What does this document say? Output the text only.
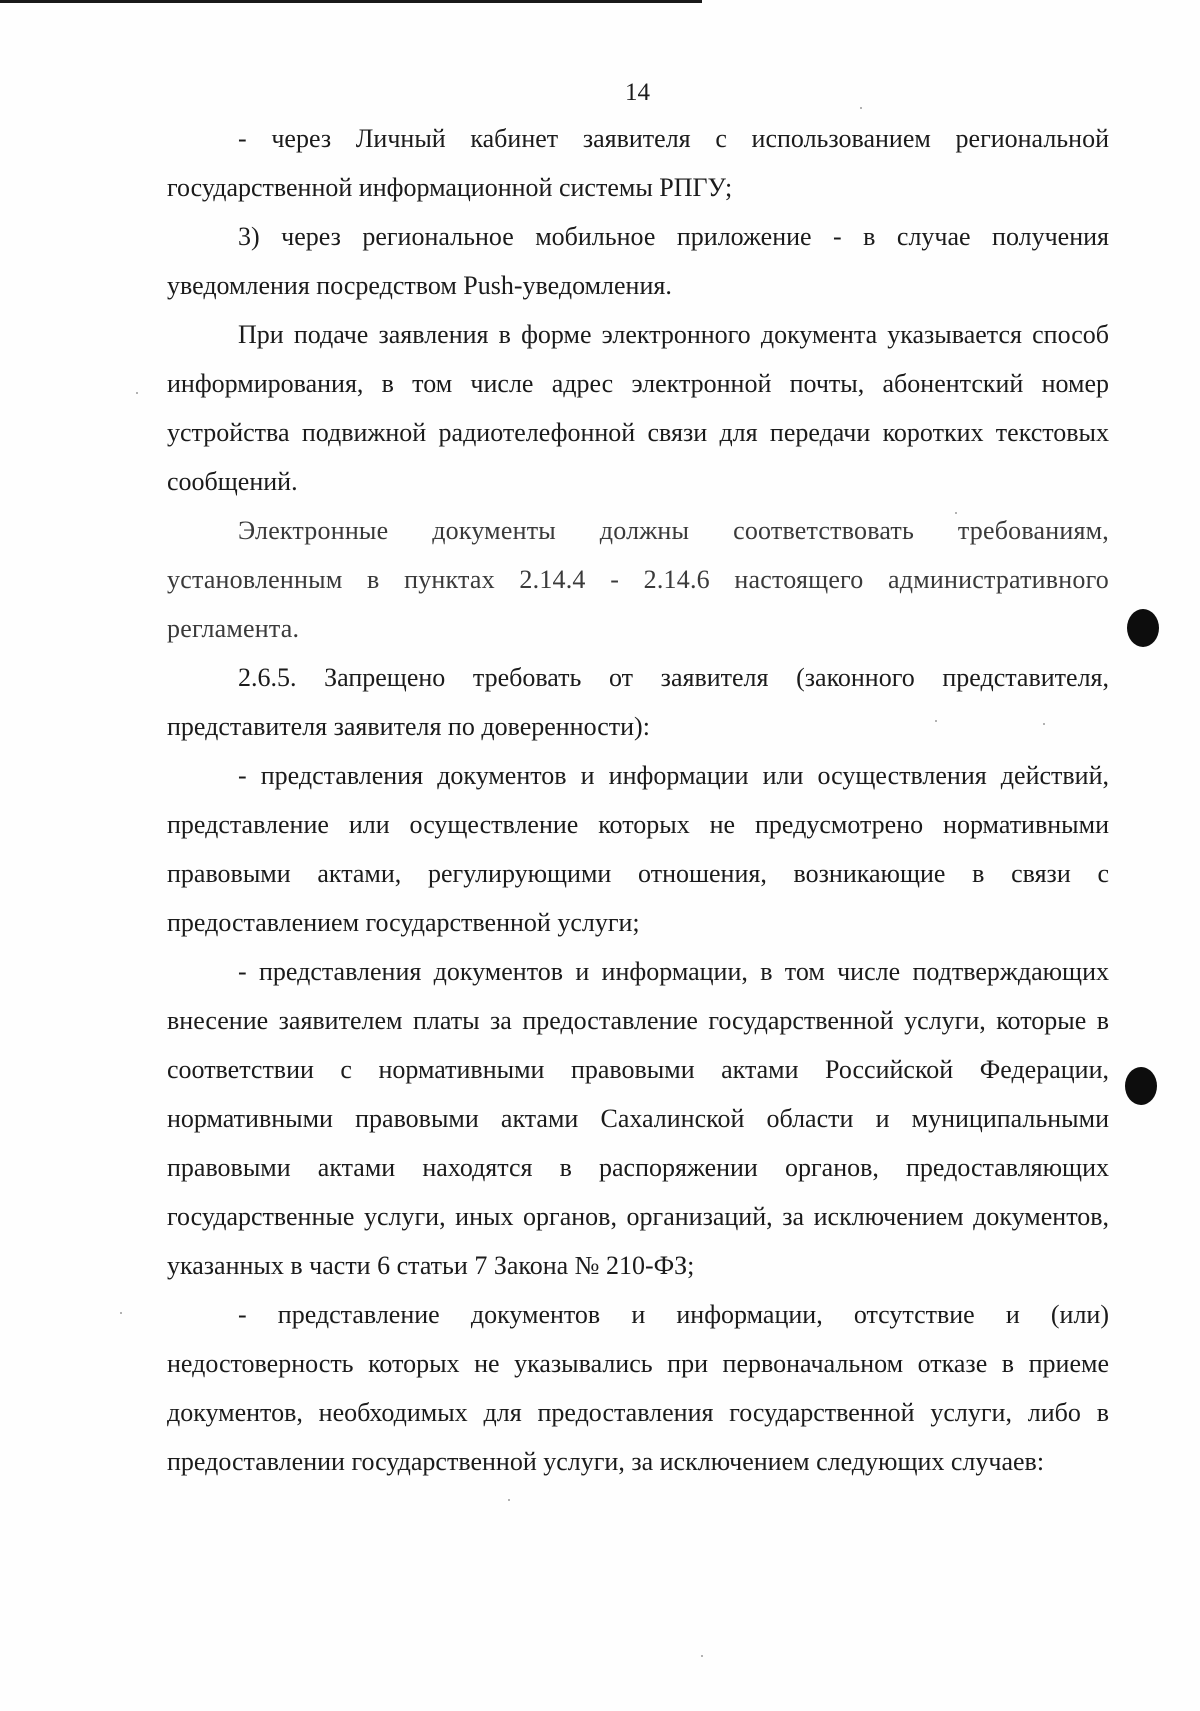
14

- через Личный кабинет заявителя с использованием региональной государственной информационной системы РПГУ;

3) через региональное мобильное приложение - в случае получения уведомления посредством Push-уведомления.

При подаче заявления в форме электронного документа указывается способ информирования, в том числе адрес электронной почты, абонентский номер устройства подвижной радиотелефонной связи для передачи коротких текстовых сообщений.

Электронные документы должны соответствовать требованиям, установленным в пунктах 2.14.4 - 2.14.6 настоящего административного регламента.

2.6.5. Запрещено требовать от заявителя (законного представителя, представителя заявителя по доверенности):

- представления документов и информации или осуществления действий, представление или осуществление которых не предусмотрено нормативными правовыми актами, регулирующими отношения, возникающие в связи с предоставлением государственной услуги;

- представления документов и информации, в том числе подтверждающих внесение заявителем платы за предоставление государственной услуги, которые в соответствии с нормативными правовыми актами Российской Федерации, нормативными правовыми актами Сахалинской области и муниципальными правовыми актами находятся в распоряжении органов, предоставляющих государственные услуги, иных органов, организаций, за исключением документов, указанных в части 6 статьи 7 Закона № 210-ФЗ;

- представление документов и информации, отсутствие и (или) недостоверность которых не указывались при первоначальном отказе в приеме документов, необходимых для предоставления государственной услуги, либо в предоставлении государственной услуги, за исключением следующих случаев:
